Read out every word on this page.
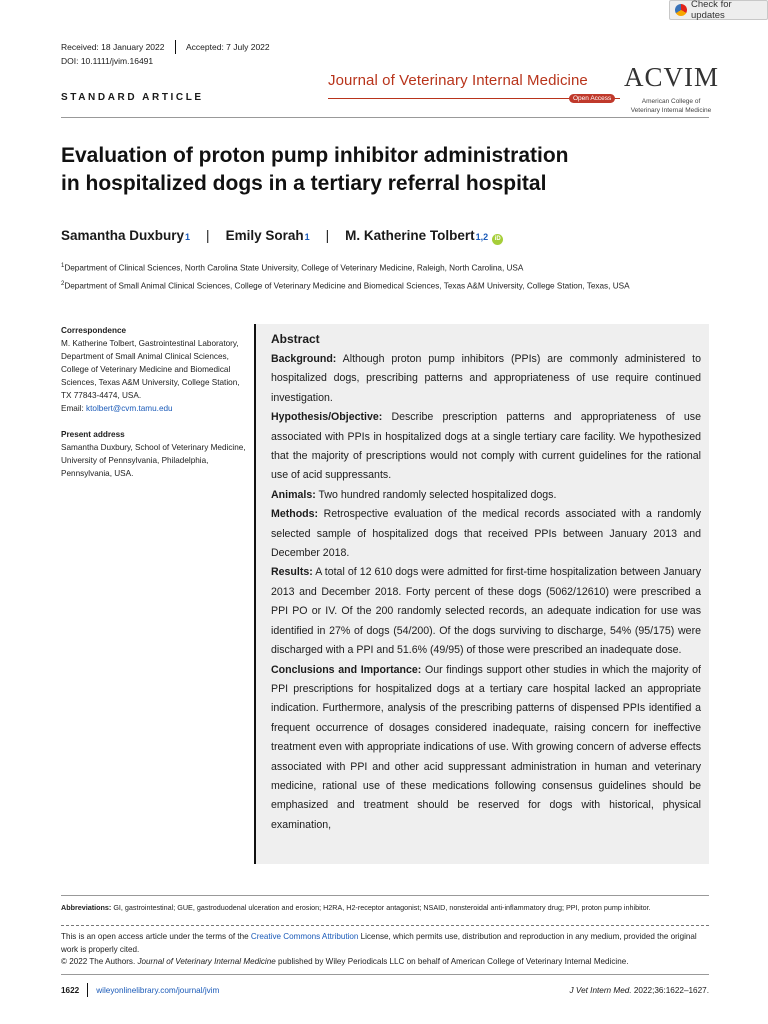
Check for updates
Received: 18 January 2022	Accepted: 7 July 2022
DOI: 10.1111/jvim.16491
Journal of Veterinary Internal Medicine
Open Access
ACVIM
American College of Veterinary Internal Medicine
STANDARD ARTICLE
Evaluation of proton pump inhibitor administration
in hospitalized dogs in a tertiary referral hospital
Samantha Duxbury 1 | Emily Sorah 1 | M. Katherine Tolbert 1,2	iD
$^1$Department of Clinical Sciences, North Carolina State University, College of Veterinary Medicine, Raleigh, North Carolina, USA
$^2$Department of Small Animal Clinical Sciences, College of Veterinary Medicine and Biomedical Sciences, Texas A&M University, College Station, Texas, USA
Correspondence
M. Katherine Tolbert, Gastrointestinal Laboratory, Department of Small Animal Clinical Sciences, College of Veterinary Medicine and Biomedical Sciences, Texas A&M University, College Station, TX 77843-4474, USA.
Email: ktolbert@cvm.tamu.edu
Present address
Samantha Duxbury, School of Veterinary Medicine, University of Pennsylvania, Philadelphia, Pennsylvania, USA.
Abstract

Background: Although proton pump inhibitors (PPIs) are commonly administered to hospitalized dogs, prescribing patterns and appropriateness of use require continued investigation.

Hypothesis/Objective: Describe prescription patterns and appropriateness of use associated with PPIs in hospitalized dogs at a single tertiary care facility. We hypothesized that the majority of prescriptions would not comply with current guidelines for the rational use of acid suppressants.

Animals: Two hundred randomly selected hospitalized dogs.

Methods: Retrospective evaluation of the medical records associated with a randomly selected sample of hospitalized dogs that received PPIs between January 2013 and December 2018.

Results: A total of 12 610 dogs were admitted for first-time hospitalization between January 2013 and December 2018. Forty percent of these dogs (5062/12610) were prescribed a PPI PO or IV. Of the 200 randomly selected records, an adequate indication for use was identified in 27% of dogs (54/200). Of the dogs surviving to discharge, 54% (95/175) were discharged with a PPI and 51.6% (49/95) of those were prescribed an inadequate dose.

Conclusions and Importance: Our findings support other studies in which the majority of PPI prescriptions for hospitalized dogs at a tertiary care hospital lacked an appropriate indication. Furthermore, analysis of the prescribing patterns of dispensed PPIs identified a frequent occurrence of dosages considered inadequate, raising concern for ineffective treatment even with appropriate indications of use. With growing concern of adverse effects associated with PPI and other acid suppressant administration in human and veterinary medicine, rational use of these medications following consensus guidelines should be emphasized and treatment should be reserved for dogs with historical, physical examination,

Abbreviations: GI, gastrointestinal; GUE, gastroduodenal ulceration and erosion; H2RA, H2-receptor antagonist; NSAID, nonsteroidal anti-inflammatory drug; PPI, proton pump inhibitor.
This is an open access article under the terms of the Creative Commons Attribution License, which permits use, distribution and reproduction in any medium, provided the original work is properly cited.
© 2022 The Authors. Journal of Veterinary Internal Medicine published by Wiley Periodicals LLC on behalf of American College of Veterinary Internal Medicine.
1622 wileyonlinelibrary.com/journal/jvim	J Vet Intern Med. 2022;36:1622–1627.
